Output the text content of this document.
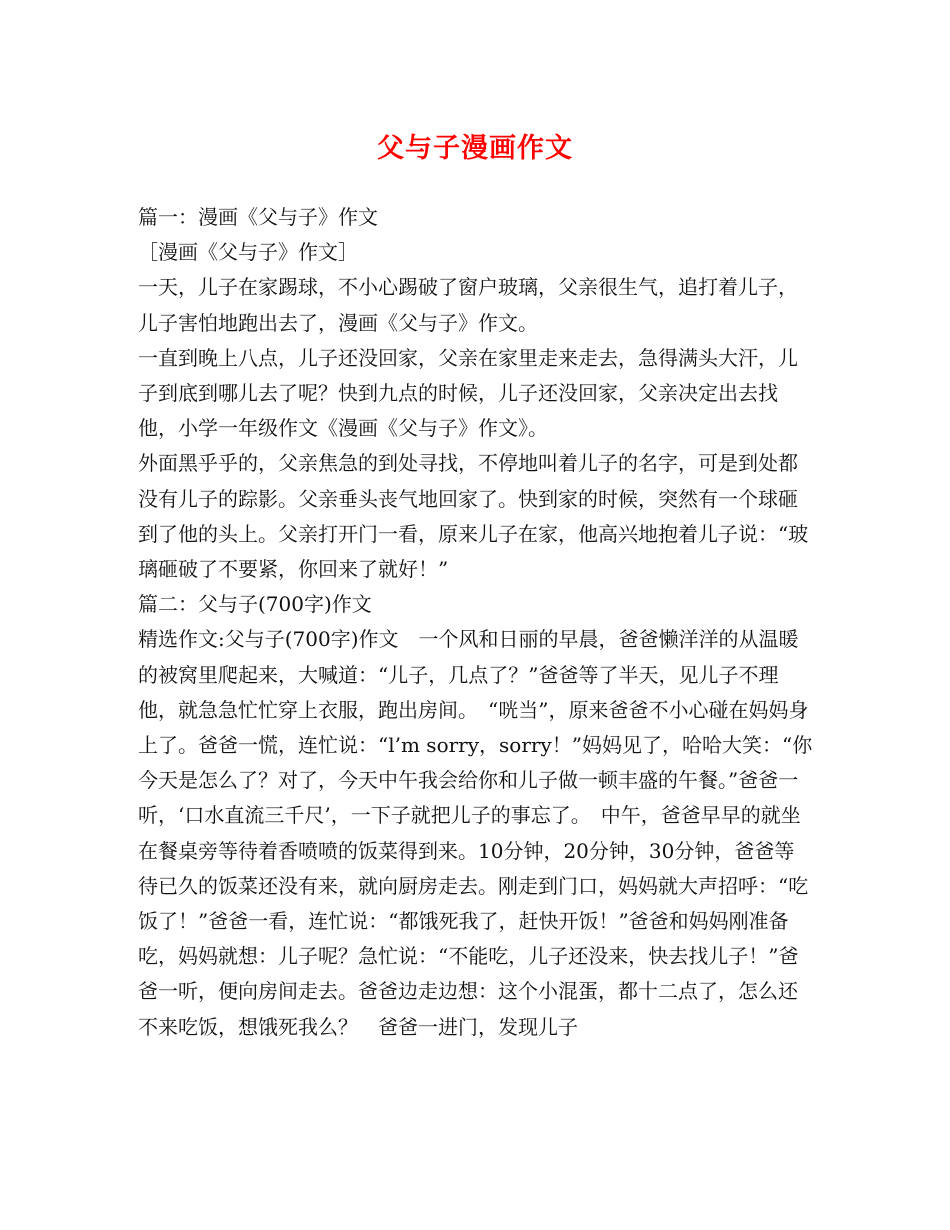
父与子漫画作文

篇一：漫画《父与子》作文

［漫画《父与子》作文］

一天，儿子在家踢球，不小心踢破了窗户玻璃，父亲很生气，追打着儿子，儿子害怕地跑出去了，漫画《父与子》作文。

一直到晚上八点，儿子还没回家，父亲在家里走来走去，急得满头大汗，儿子到底到哪儿去了呢？快到九点的时候，儿子还没回家，父亲决定出去找他，小学一年级作文《漫画《父与子》作文》。

外面黑乎乎的，父亲焦急的到处寻找，不停地叫着儿子的名字，可是到处都没有儿子的踪影。父亲垂头丧气地回家了。快到家的时候，突然有一个球砸到了他的头上。父亲打开门一看，原来儿子在家，他高兴地抱着儿子说：“玻璃砸破了不要紧，你回来了就好！”

篇二：父与子(700字)作文

精选作文:父与子(700字)作文　一个风和日丽的早晨，爸爸懒洋洋的从温暖的被窝里爬起来，大喊道：“儿子，几点了？”爸爸等了半天，见儿子不理他，就急急忙忙穿上衣服，跑出房间。　“咣当”，原来爸爸不小心碰在妈妈身上了。爸爸一慌，连忙说：“l’m sorry，sorry！”妈妈见了，哈哈大笑：“你今天是怎么了？对了，今天中午我会给你和儿子做一顿丰盛的午餐。”爸爸一听，‘口水直流三千尺’，一下子就把儿子的事忘了。　中午，爸爸早早的就坐在餐桌旁等待着香喷喷的饭菜得到来。10分钟，20分钟，30分钟，爸爸等待已久的饭菜还没有来，就向厨房走去。刚走到门口，妈妈就大声招呼：“吃饭了！”爸爸一看，连忙说：“都饿死我了，赶快开饭！”爸爸和妈妈刚准备吃，妈妈就想：儿子呢？急忙说：“不能吃，儿子还没来，快去找儿子！”爸爸一听，便向房间走去。爸爸边走边想：这个小混蛋，都十二点了，怎么还不来吃饭，想饿死我么？　爸爸一进门，发现儿子
